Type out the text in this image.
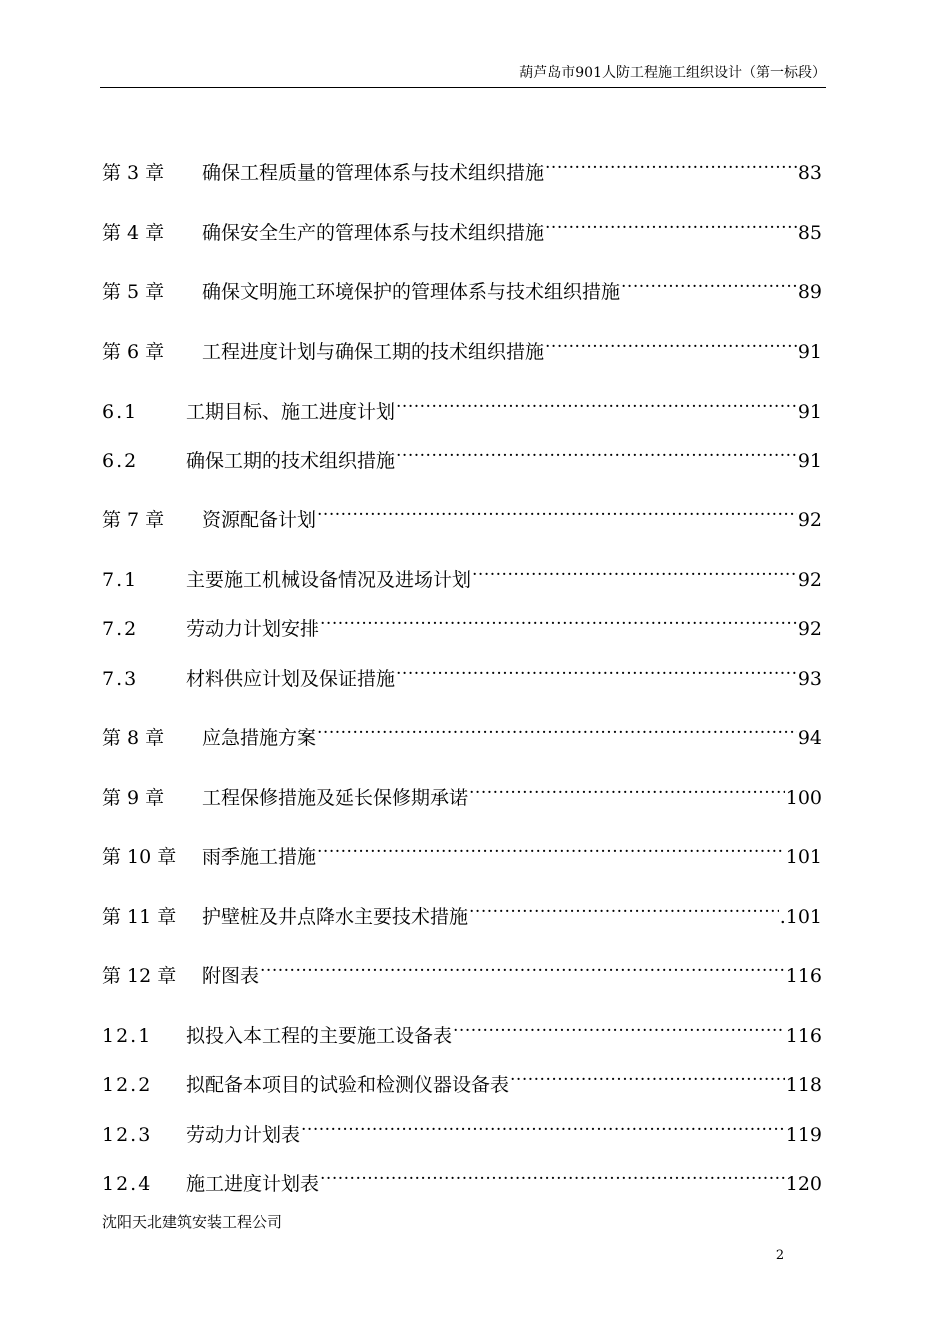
葫芦岛市901人防工程施工组织设计（第一标段）
第 3 章	确保工程质量的管理体系与技术组织措施 .....	83
第 4 章	确保安全生产的管理体系与技术组织措施 .....	85
第 5 章	确保文明施工环境保护的管理体系与技术组织措施 .....	89
第 6 章	工程进度计划与确保工期的技术组织措施 .....	91
6.1	工期目标、施工进度计划 .....	91
6.2	确保工期的技术组织措施 .....	91
第 7 章	资源配备计划 .....	92
7.1	主要施工机械设备情况及进场计划 .....	92
7.2	劳动力计划安排 .....	92
7.3	材料供应计划及保证措施 .....	93
第 8 章	应急措施方案 .....	94
第 9 章	工程保修措施及延长保修期承诺 .....	100
第 10 章	雨季施工措施 .....	101
第 11 章	护壁桩及井点降水主要技术措施 .....	.101
第 12 章	附图表 .....	116
12.1	拟投入本工程的主要施工设备表 .....	116
12.2	拟配备本项目的试验和检测仪器设备表 .....	118
12.3	劳动力计划表 .....	119
12.4	施工进度计划表 .....	120
沈阳天北建筑安装工程公司
2
